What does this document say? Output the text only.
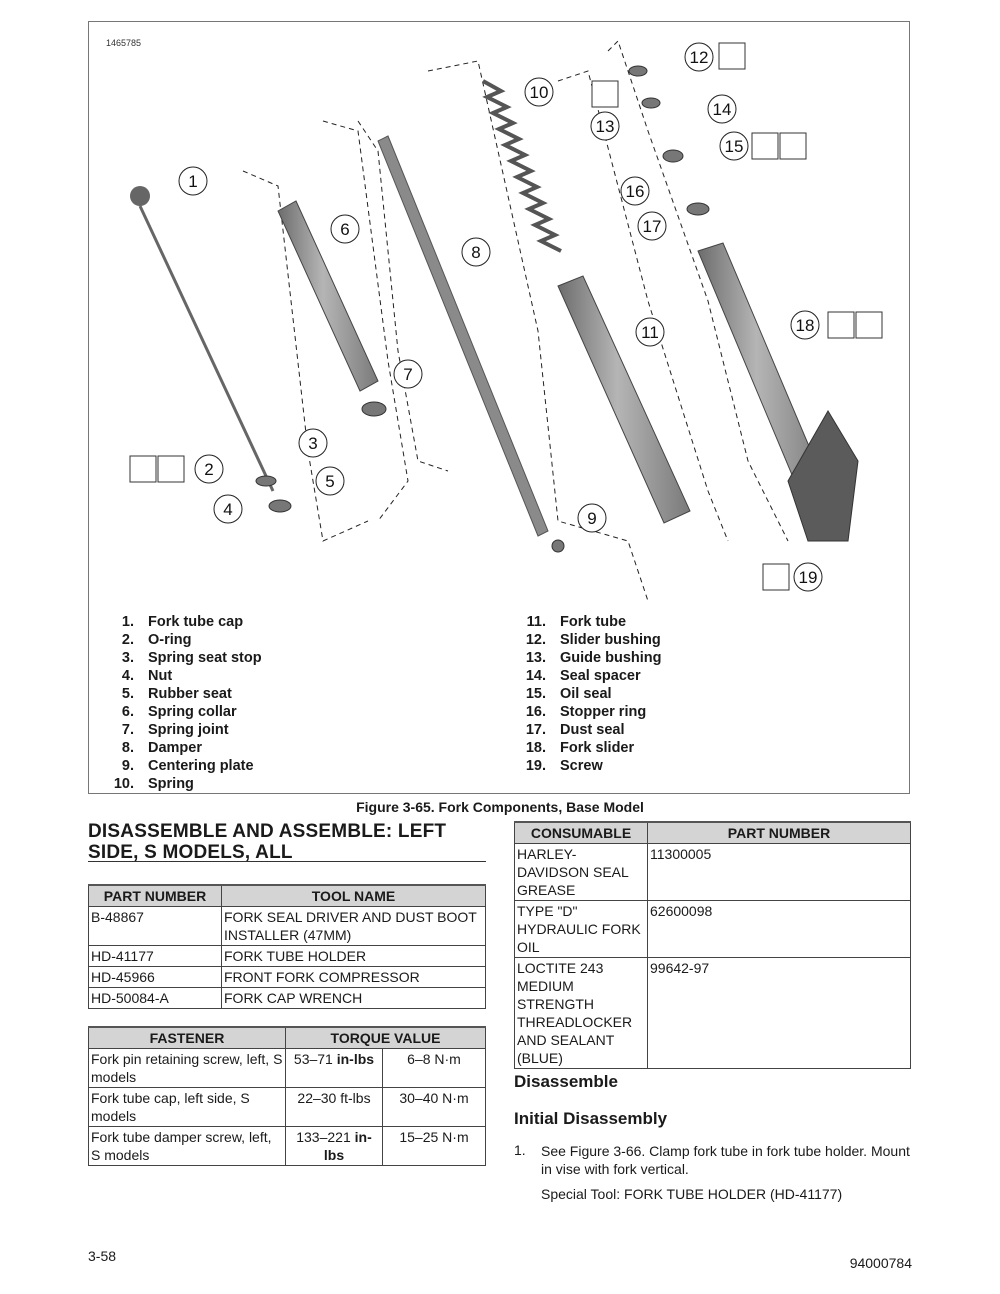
1465785
1
2
3
4
5
6
7
8
9
10
11
12
13
14
15
16
17
18
19
1. Fork tube cap
2. O-ring
3. Spring seat stop
4. Nut
5. Rubber seat
6. Spring collar
7. Spring joint
8. Damper
9. Centering plate
10. Spring
11. Fork tube
12. Slider bushing
13. Guide bushing
14. Seal spacer
15. Oil seal
16. Stopper ring
17. Dust seal
18. Fork slider
19. Screw
Figure 3-65. Fork Components, Base Model
DISASSEMBLE AND ASSEMBLE: LEFT
SIDE, S MODELS, ALL
PART NUMBER	TOOL NAME
B-48867	FORK SEAL DRIVER AND DUST BOOT INSTALLER (47MM)
HD-41177	FORK TUBE HOLDER
HD-45966	FRONT FORK COMPRESSOR
HD-50084-A	FORK CAP WRENCH
FASTENER	TORQUE VALUE	
Fork pin retaining screw, left, S models	53–71 in-lbs	6–8 N·m
Fork tube cap, left side, S models	22–30 ft-lbs	30–40 N·m
Fork tube damper screw, left, S models	133–221 in-lbs	15–25 N·m
CONSUMABLE	PART NUMBER
HARLEY-DAVIDSON SEAL GREASE	11300005
TYPE "D" HYDRAULIC FORK OIL	62600098
LOCTITE 243 MEDIUM STRENGTH THREADLOCKER AND SEALANT (BLUE)	99642-97
Disassemble
Initial Disassembly
1. See Figure 3-66. Clamp fork tube in fork tube holder. Mount in vise with fork vertical.
Special Tool: FORK TUBE HOLDER (HD-41177)
3-58	94000784
